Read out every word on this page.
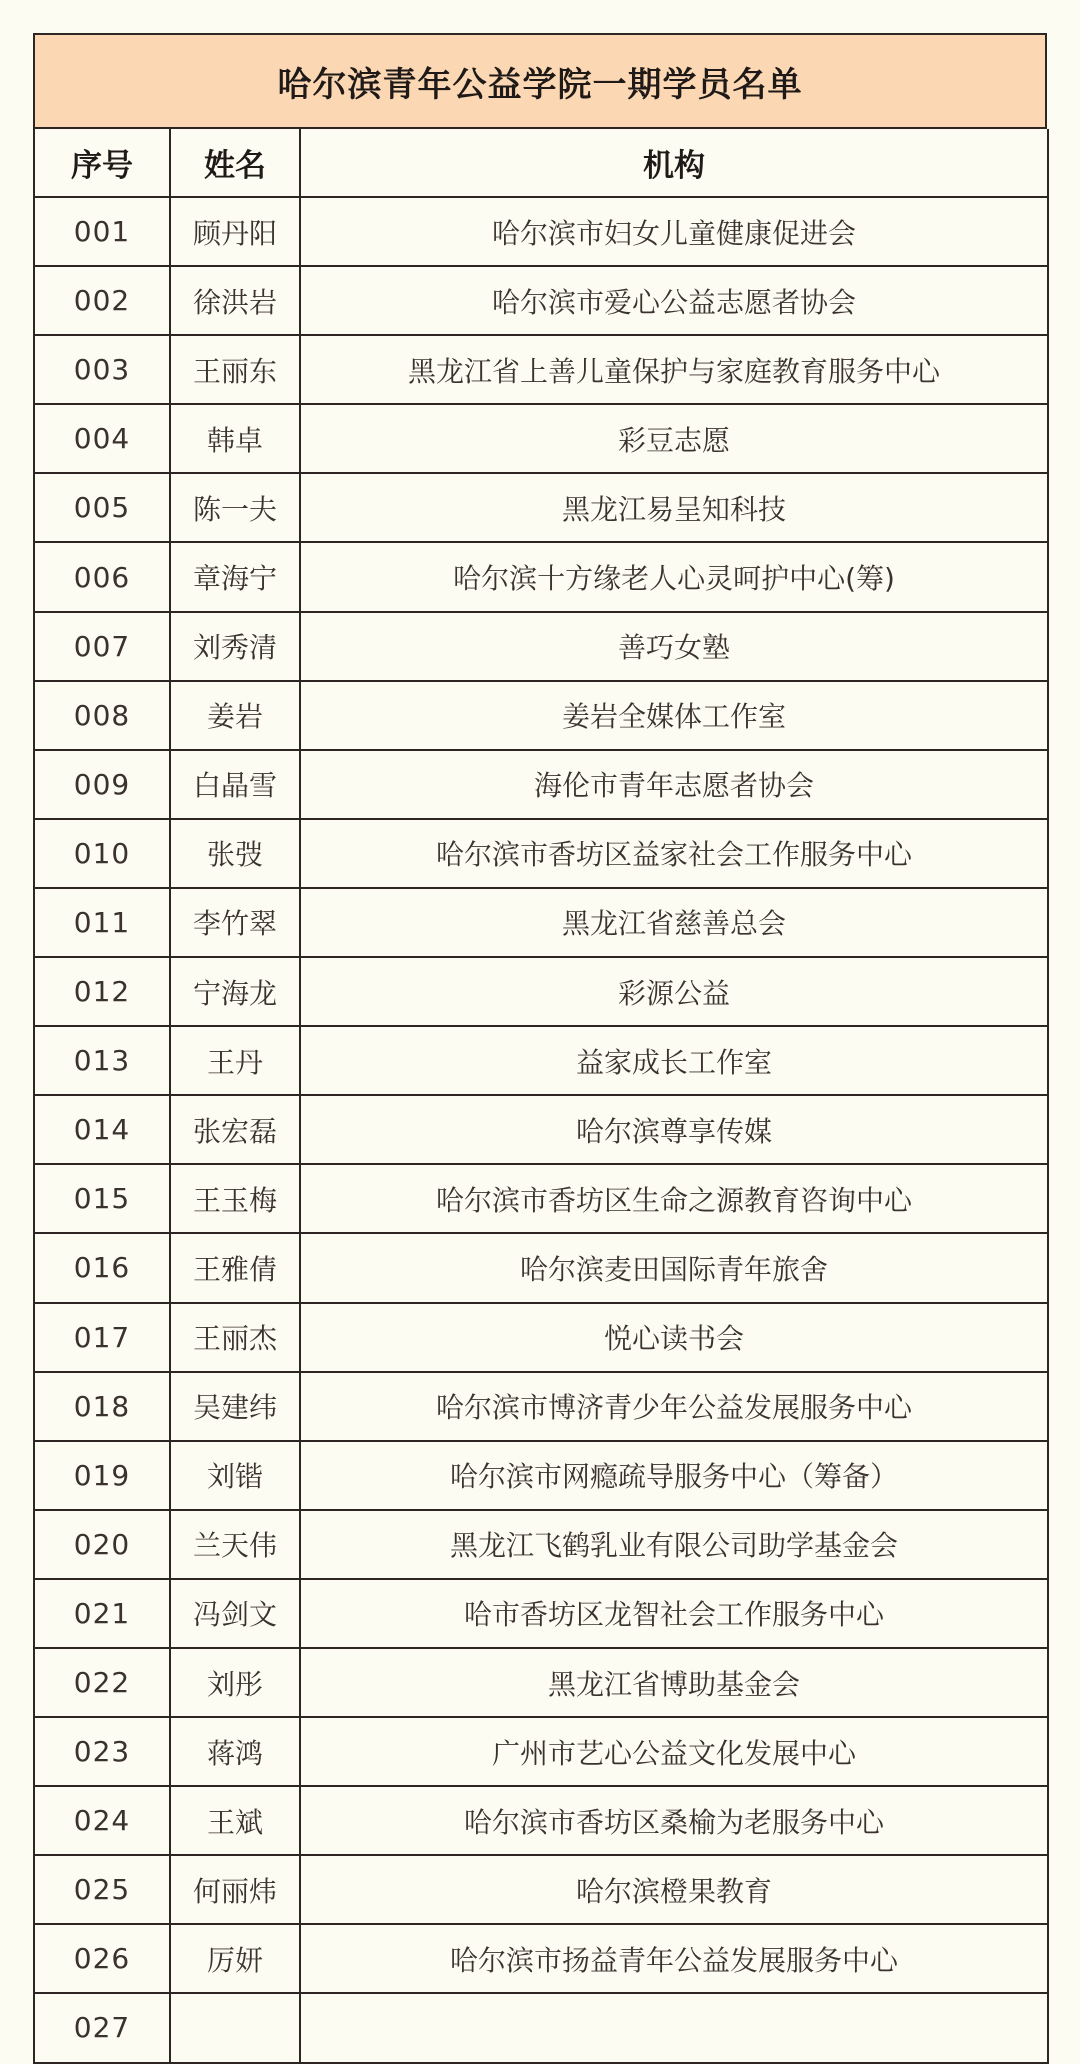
哈尔滨青年公益学院一期学员名单
序号	姓名	机构
001	顾丹阳	哈尔滨市妇女儿童健康促进会
002	徐洪岩	哈尔滨市爱心公益志愿者协会
003	王丽东	黑龙江省上善儿童保护与家庭教育服务中心
004	韩卓	彩豆志愿
005	陈一夫	黑龙江易呈知科技
006	章海宁	哈尔滨十方缘老人心灵呵护中心(筹)
007	刘秀清	善巧女塾
008	姜岩	姜岩全媒体工作室
009	白晶雪	海伦市青年志愿者协会
010	张弢	哈尔滨市香坊区益家社会工作服务中心
011	李竹翠	黑龙江省慈善总会
012	宁海龙	彩源公益
013	王丹	益家成长工作室
014	张宏磊	哈尔滨尊享传媒
015	王玉梅	哈尔滨市香坊区生命之源教育咨询中心
016	王雅倩	哈尔滨麦田国际青年旅舍
017	王丽杰	悦心读书会
018	吴建纬	哈尔滨市博济青少年公益发展服务中心
019	刘锴	哈尔滨市网瘾疏导服务中心（筹备）
020	兰天伟	黑龙江飞鹤乳业有限公司助学基金会
021	冯剑文	哈市香坊区龙智社会工作服务中心
022	刘彤	黑龙江省博助基金会
023	蒋鸿	广州市艺心公益文化发展中心
024	王斌	哈尔滨市香坊区桑榆为老服务中心
025	何丽炜	哈尔滨橙果教育
026	厉妍	哈尔滨市扬益青年公益发展服务中心
027		
